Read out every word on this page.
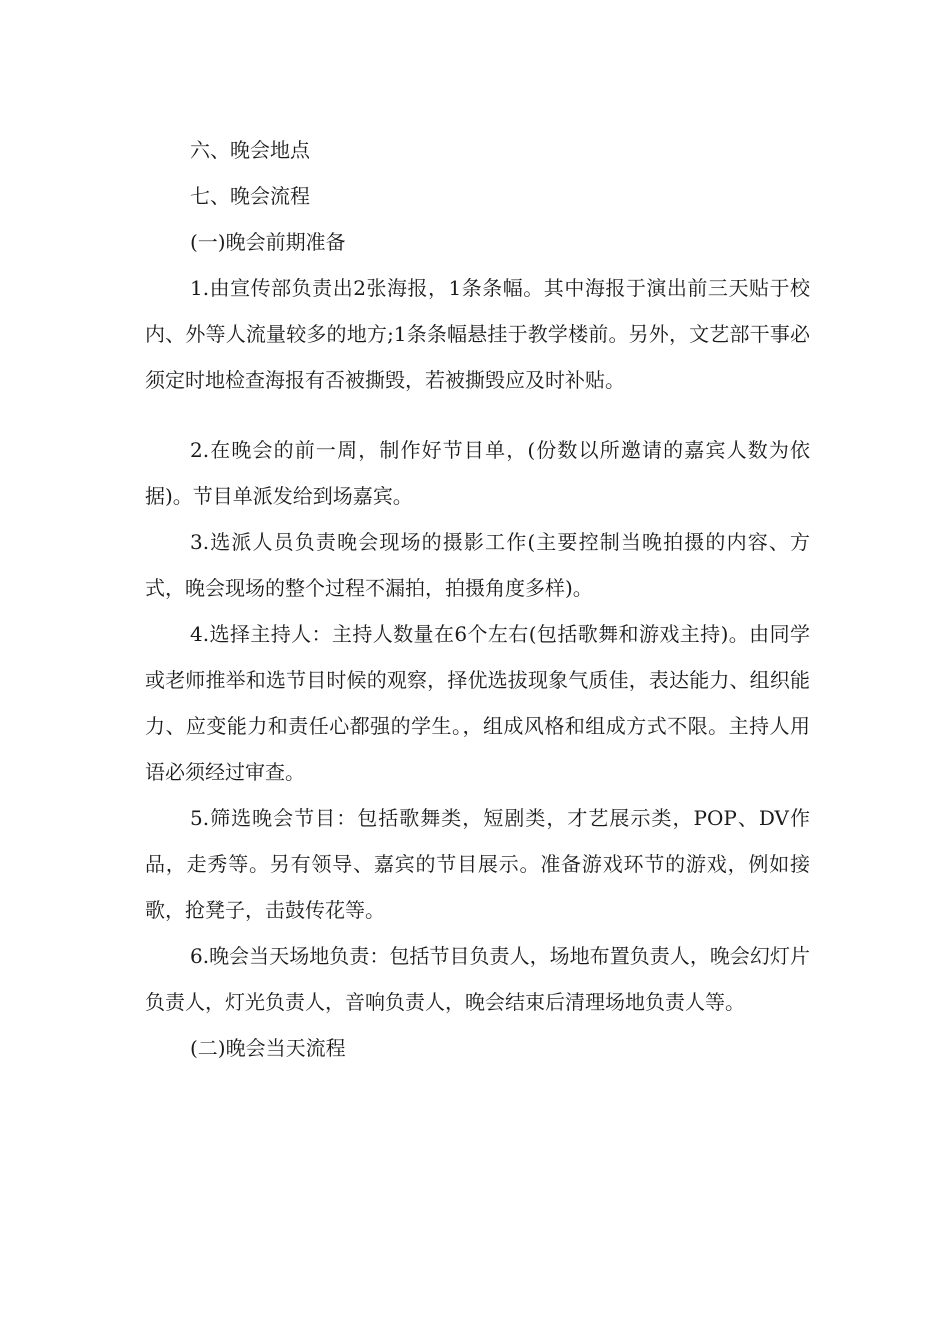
六、晚会地点

七、晚会流程

(一)晚会前期准备

1.由宣传部负责出2张海报，1条条幅。其中海报于演出前三天贴于校内、外等人流量较多的地方;1条条幅悬挂于教学楼前。另外，文艺部干事必须定时地检查海报有否被撕毁，若被撕毁应及时补贴。

2.在晚会的前一周，制作好节目单，(份数以所邀请的嘉宾人数为依据)。节目单派发给到场嘉宾。

3.选派人员负责晚会现场的摄影工作(主要控制当晚拍摄的内容、方式，晚会现场的整个过程不漏拍，拍摄角度多样)。

4.选择主持人：主持人数量在6个左右(包括歌舞和游戏主持)。由同学或老师推举和选节目时候的观察，择优选拔现象气质佳，表达能力、组织能力、应变能力和责任心都强的学生。，组成风格和组成方式不限。主持人用语必须经过审查。

5.筛选晚会节目：包括歌舞类，短剧类，才艺展示类，POP、DV作品，走秀等。另有领导、嘉宾的节目展示。准备游戏环节的游戏，例如接歌，抢凳子，击鼓传花等。

6.晚会当天场地负责：包括节目负责人，场地布置负责人，晚会幻灯片负责人，灯光负责人，音响负责人，晚会结束后清理场地负责人等。

(二)晚会当天流程
